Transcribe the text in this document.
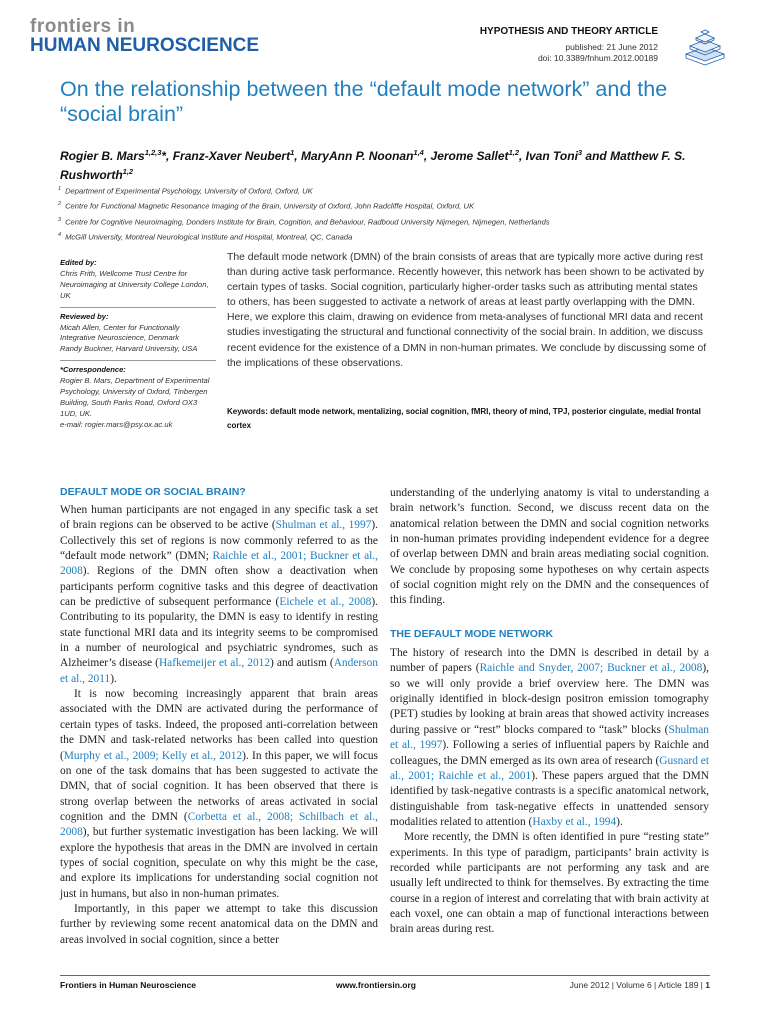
frontiers in
HUMAN NEUROSCIENCE
HYPOTHESIS AND THEORY ARTICLE
published: 21 June 2012
doi: 10.3389/fnhum.2012.00189
On the relationship between the “default mode network” and the “social brain”
Rogier B. Mars$^{1,2,3}$*, Franz-Xaver Neubert$^1$, MaryAnn P. Noonan$^{1,4}$, Jerome Sallet$^{1,2}$, Ivan Toni$^3$ and Matthew F. S. Rushworth$^{1,2}$
$^1$ Department of Experimental Psychology, University of Oxford, Oxford, UK
$^2$ Centre for Functional Magnetic Resonance Imaging of the Brain, University of Oxford, John Radcliffe Hospital, Oxford, UK
$^3$ Centre for Cognitive Neuroimaging, Donders Institute for Brain, Cognition, and Behaviour, Radboud University Nijmegen, Nijmegen, Netherlands
$^4$ McGill University, Montreal Neurological Institute and Hospital, Montreal, QC, Canada

Edited by:

Chris Frith, Wellcome Trust Centre for Neuroimaging at University College London, UK

Reviewed by:

Micah Allen, Center for Functionally Integrative Neuroscience, Denmark

Randy Buckner, Harvard University, USA

*Correspondence:

Rogier B. Mars, Department of Experimental Psychology, University of Oxford, Tinbergen Building, South Parks Road, Oxford OX3 1UD, UK.

e-mail: rogier.mars@psy.ox.ac.uk

The default mode network (DMN) of the brain consists of areas that are typically more active during rest than during active task performance. Recently however, this network has been shown to be activated by certain types of tasks. Social cognition, particularly higher-order tasks such as attributing mental states to others, has been suggested to activate a network of areas at least partly overlapping with the DMN. Here, we explore this claim, drawing on evidence from meta-analyses of functional MRI data and recent studies investigating the structural and functional connectivity of the social brain. In addition, we discuss recent evidence for the existence of a DMN in non-human primates. We conclude by discussing some of the implications of these observations.

Keywords: default mode network, mentalizing, social cognition, fMRI, theory of mind, TPJ, posterior cingulate, medial frontal cortex

DEFAULT MODE OR SOCIAL BRAIN?

When human participants are not engaged in any specific task a set of brain regions can be observed to be active (Shulman et al., 1997). Collectively this set of regions is now commonly referred to as the “default mode network” (DMN; Raichle et al., 2001; Buckner et al., 2008). Regions of the DMN often show a deactivation when participants perform cognitive tasks and this degree of deactivation can be predictive of subsequent performance (Eichele et al., 2008). Contributing to its popularity, the DMN is easy to identify in resting state functional MRI data and its integrity seems to be compromised in a number of neurological and psychiatric syndromes, such as Alzheimer’s disease (Hafkemeijer et al., 2012) and autism (Anderson et al., 2011).

It is now becoming increasingly apparent that brain areas associated with the DMN are activated during the performance of certain types of tasks. Indeed, the proposed anti-correlation between the DMN and task-related networks has been called into question (Murphy et al., 2009; Kelly et al., 2012). In this paper, we will focus on one of the task domains that has been suggested to activate the DMN, that of social cognition. It has been observed that there is strong overlap between the networks of areas activated in social cognition and the DMN (Corbetta et al., 2008; Schilbach et al., 2008), but further systematic investigation has been lacking. We will explore the hypothesis that areas in the DMN are involved in certain types of social cognition, speculate on why this might be the case, and explore its implications for understanding social cognition not just in humans, but also in non-human primates.

Importantly, in this paper we attempt to take this discussion further by reviewing some recent anatomical data on the DMN and areas involved in social cognition, since a better

understanding of the underlying anatomy is vital to understanding a brain network’s function. Second, we discuss recent data on the anatomical relation between the DMN and social cognition networks in non-human primates providing independent evidence for a degree of overlap between DMN and brain areas mediating social cognition. We conclude by proposing some hypotheses on why certain aspects of social cognition might rely on the DMN and the consequences of this finding.

THE DEFAULT MODE NETWORK

The history of research into the DMN is described in detail by a number of papers (Raichle and Snyder, 2007; Buckner et al., 2008), so we will only provide a brief overview here. The DMN was originally identified in block-design positron emission tomography (PET) studies by looking at brain areas that showed activity increases during passive or “rest” blocks compared to “task” blocks (Shulman et al., 1997). Following a series of influential papers by Raichle and colleagues, the DMN emerged as its own area of research (Gusnard et al., 2001; Raichle et al., 2001). These papers argued that the DMN identified by task-negative contrasts is a specific anatomical network, distinguishable from task-negative effects in unattended sensory modalities related to attention (Haxby et al., 1994).

More recently, the DMN is often identified in pure “resting state” experiments. In this type of paradigm, participants’ brain activity is recorded while participants are not performing any task and are usually left undirected to think for themselves. By extracting the time course in a region of interest and correlating that with brain activity at each voxel, one can obtain a map of functional interactions between brain areas during rest.

Frontiers in Human Neuroscience	www.frontiersin.org	June 2012 | Volume 6 | Article 189 | 1
